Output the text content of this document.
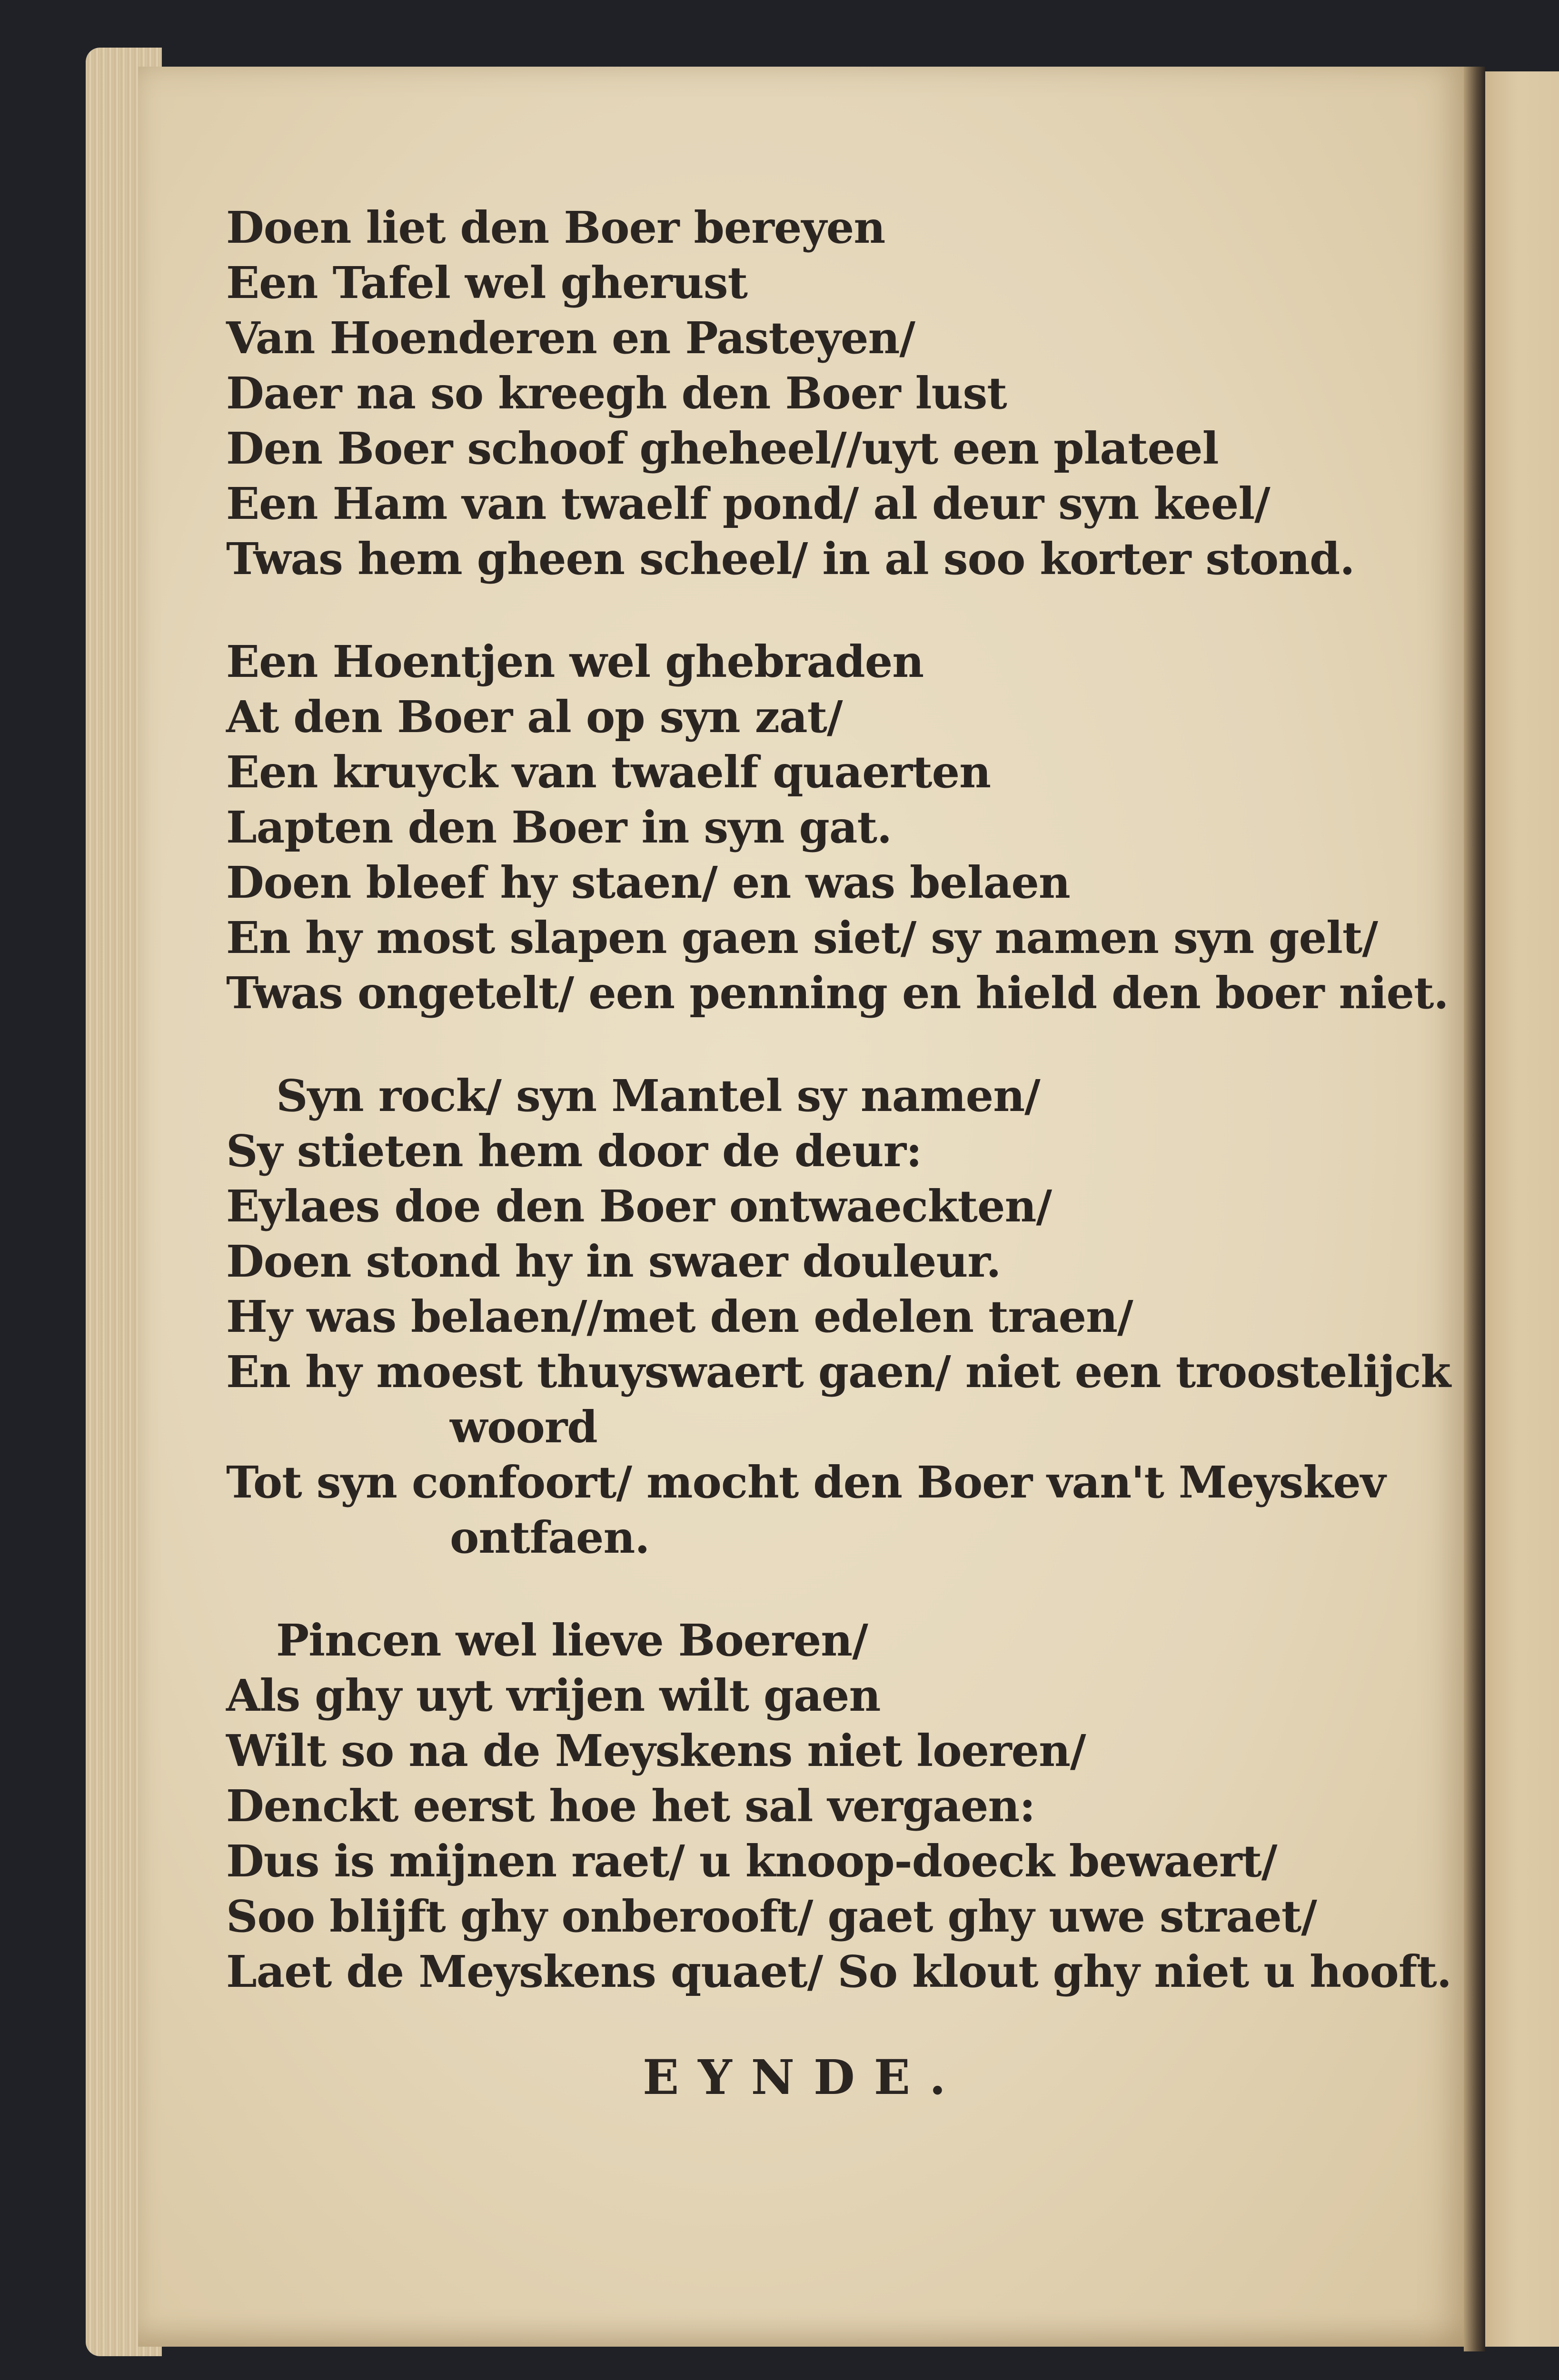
Doen liet den Boer bereyen
Een Tafel wel gherust
Van Hoenderen en Pasteyen/
Daer na so kreegh den Boer lust
Den Boer schoof gheheel//uyt een plateel
Een Ham van twaelf pond/ al deur syn keel/
Twas hem gheen scheel/ in al soo korter stond.
Een Hoentjen wel ghebraden
At den Boer al op syn zat/
Een kruyck van twaelf quaerten
Lapten den Boer in syn gat.
Doen bleef hy staen/ en was belaen
En hy most slapen gaen siet/ sy namen syn gelt/
Twas ongetelt/ een penning en hield den boer niet.
Syn rock/ syn Mantel sy namen/
Sy stieten hem door de deur:
Eylaes doe den Boer ontwaeckten/
Doen stond hy in swaer douleur.
Hy was belaen//met den edelen traen/
En hy moest thuyswaert gaen/ niet een troostelijck
woord
Tot syn confoort/ mocht den Boer van't Meyskev
ontfaen.
Pincen wel lieve Boeren/
Als ghy uyt vrijen wilt gaen
Wilt so na de Meyskens niet loeren/
Denckt eerst hoe het sal vergaen:
Dus is mijnen raet/ u knoop-doeck bewaert/
Soo blijft ghy onberooft/ gaet ghy uwe straet/
Laet de Meyskens quaet/ So klout ghy niet u hooft.
EYNDE.
